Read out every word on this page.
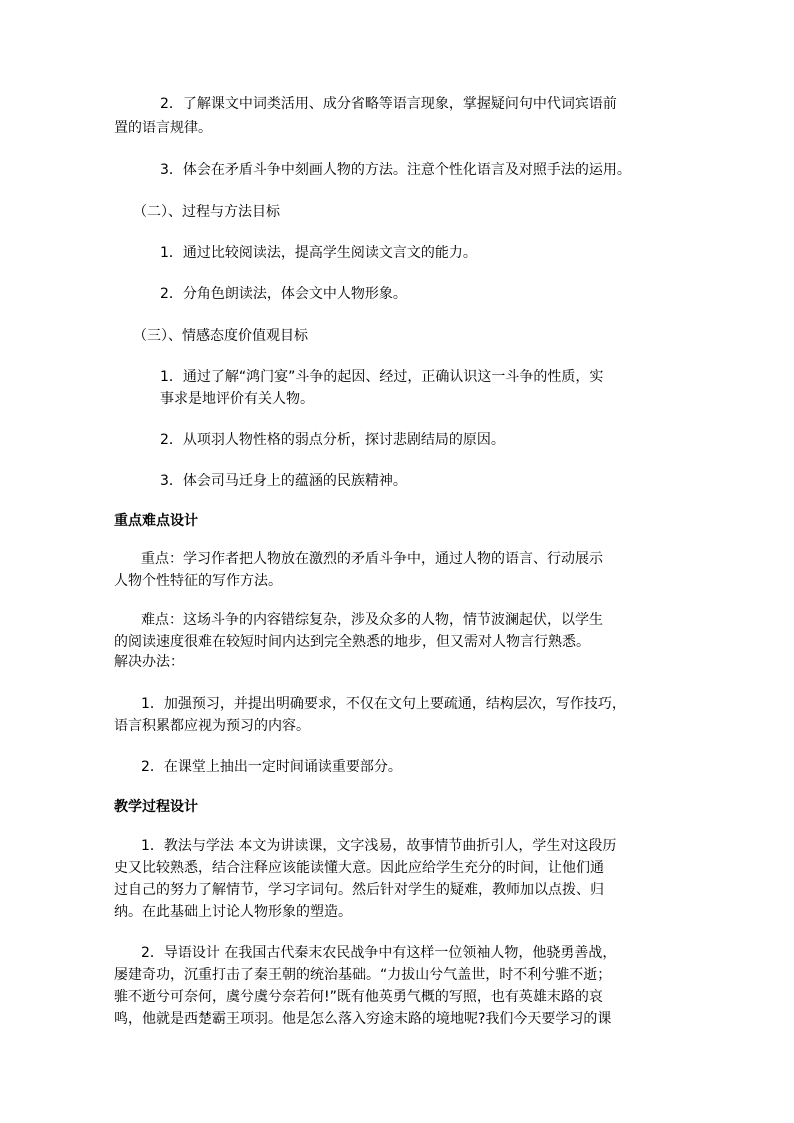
2．了解课文中词类活用、成分省略等语言现象，掌握疑问句中代词宾语前
置的语言规律。
3．体会在矛盾斗争中刻画人物的方法。注意个性化语言及对照手法的运用。
（二）、过程与方法目标
1．通过比较阅读法，提高学生阅读文言文的能力。
2．分角色朗读法，体会文中人物形象。
（三）、情感态度价值观目标
1．通过了解“鸿门宴”斗争的起因、经过，正确认识这一斗争的性质，实
事求是地评价有关人物。
2．从项羽人物性格的弱点分析，探讨悲剧结局的原因。
3．体会司马迁身上的蕴涵的民族精神。
重点难点设计
重点：学习作者把人物放在激烈的矛盾斗争中，通过人物的语言、行动展示
人物个性特征的写作方法。
难点：这场斗争的内容错综复杂，涉及众多的人物，情节波澜起伏，以学生
的阅读速度很难在较短时间内达到完全熟悉的地步，但又需对人物言行熟悉。
解决办法：
1．加强预习，并提出明确要求，不仅在文句上要疏通，结构层次，写作技巧，
语言积累都应视为预习的内容。
2．在课堂上抽出一定时间诵读重要部分。
教学过程设计
1．教法与学法 本文为讲读课，文字浅易，故事情节曲折引人，学生对这段历
史又比较熟悉，结合注释应该能读懂大意。因此应给学生充分的时间，让他们通
过自己的努力了解情节，学习字词句。然后针对学生的疑难，教师加以点拨、归
纳。在此基础上讨论人物形象的塑造。
2．导语设计 在我国古代秦末农民战争中有这样一位领袖人物，他骁勇善战，
屡建奇功，沉重打击了秦王朝的统治基础。“力拔山兮气盖世，时不利兮骓不逝；
骓不逝兮可奈何，虞兮虞兮奈若何!”既有他英勇气概的写照，也有英雄末路的哀
鸣，他就是西楚霸王项羽。他是怎么落入穷途末路的境地呢?我们今天要学习的课
